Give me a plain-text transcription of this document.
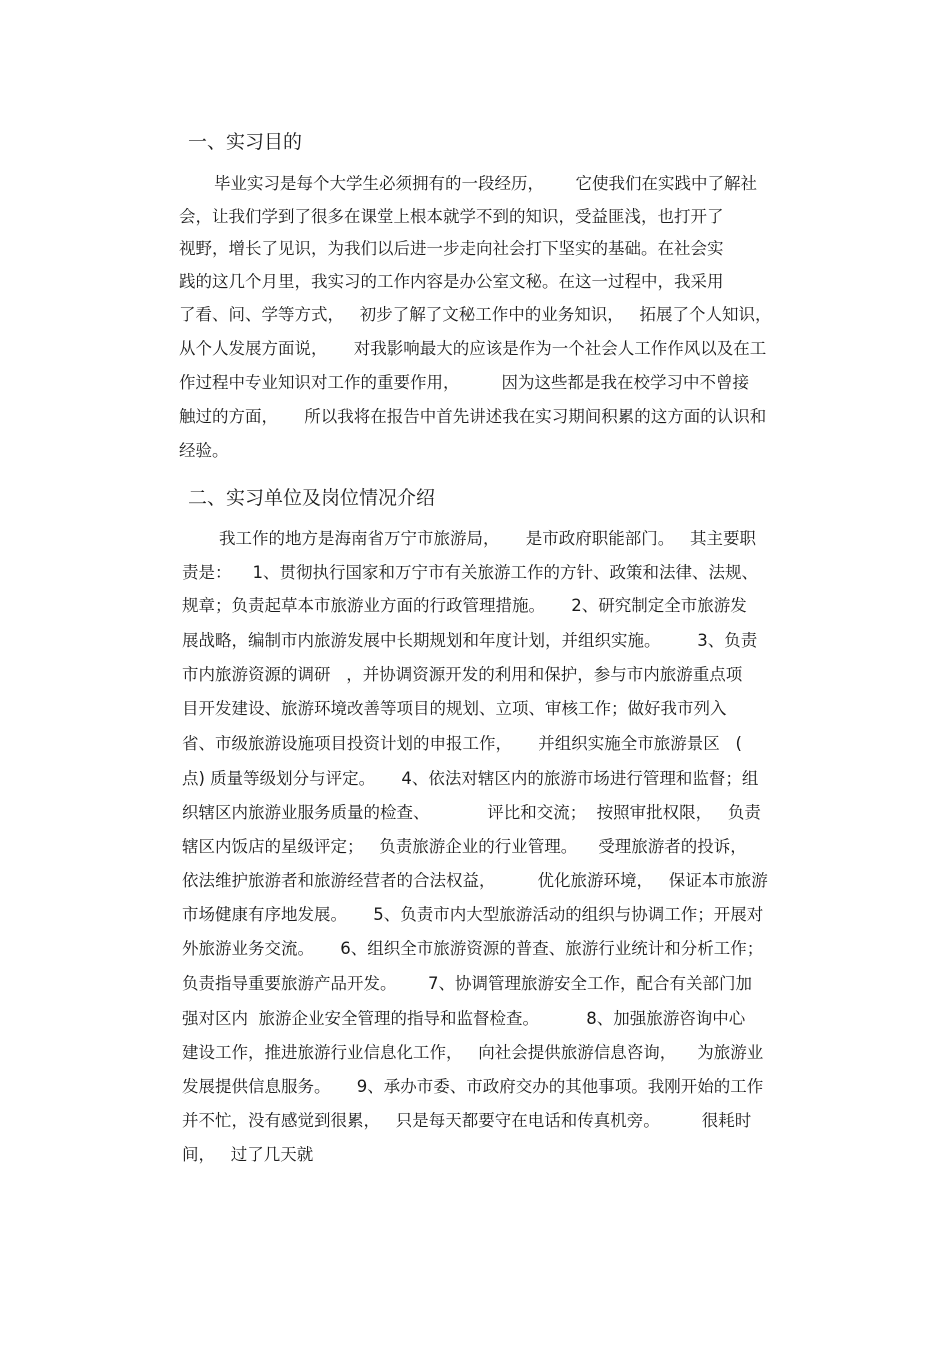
一、实习目的
毕业实习是每个大学生必须拥有的一段经历，      它使我们在实践中了解社
会，让我们学到了很多在课堂上根本就学不到的知识，受益匪浅，也打开了
视野，增长了见识，为我们以后进一步走向社会打下坚实的基础。在社会实
践的这几个月里，我实习的工作内容是办公室文秘。在这一过程中，我采用
了看、问、学等方式，   初步了解了文秘工作中的业务知识，   拓展了个人知识，
从个人发展方面说，     对我影响最大的应该是作为一个社会人工作作风以及在工
作过程中专业知识对工作的重要作用，        因为这些都是我在校学习中不曾接
触过的方面，     所以我将在报告中首先讲述我在实习期间积累的这方面的认识和
经验。
二、实习单位及岗位情况介绍
我工作的地方是海南省万宁市旅游局，     是市政府职能部门。   其主要职
责是：    1、贯彻执行国家和万宁市有关旅游工作的方针、政策和法律、法规、
规章；负责起草本市旅游业方面的行政管理措施。     2、研究制定全市旅游发
展战略，编制市内旅游发展中长期规划和年度计划，并组织实施。       3、负责
市内旅游资源的调研   ，并协调资源开发的利用和保护，参与市内旅游重点项
目开发建设、旅游环境改善等项目的规划、立项、审核工作；做好我市列入
省、市级旅游设施项目投资计划的申报工作，     并组织实施全市旅游景区   (
点) 质量等级划分与评定。     4、依法对辖区内的旅游市场进行管理和监督；组
织辖区内旅游业服务质量的检查、           评比和交流；  按照审批权限，   负责
辖区内饭店的星级评定；   负责旅游企业的行业管理。    受理旅游者的投诉，
依法维护旅游者和旅游经营者的合法权益，        优化旅游环境，   保证本市旅游
市场健康有序地发展。     5、负责市内大型旅游活动的组织与协调工作；开展对
外旅游业务交流。     6、组织全市旅游资源的普查、旅游行业统计和分析工作；
负责指导重要旅游产品开发。      7、协调管理旅游安全工作，配合有关部门加
强对区内  旅游企业安全管理的指导和监督检查。         8、加强旅游咨询中心
建设工作，推进旅游行业信息化工作，   向社会提供旅游信息咨询，    为旅游业
发展提供信息服务。     9、承办市委、市政府交办的其他事项。我刚开始的工作
并不忙，没有感觉到很累，   只是每天都要守在电话和传真机旁。        很耗时
间，   过了几天就
